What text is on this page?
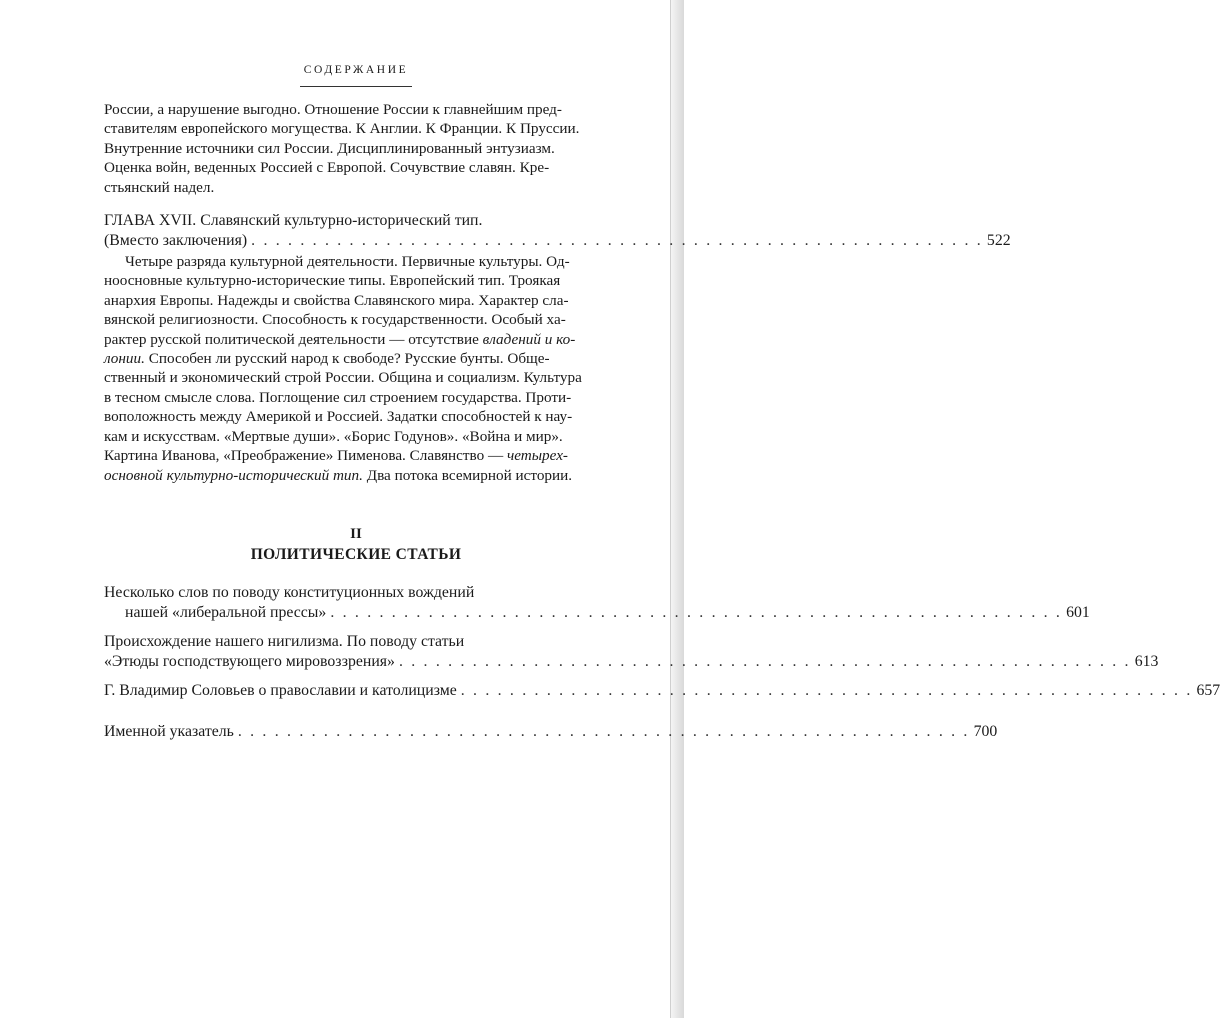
СОДЕРЖАНИЕ
России, а нарушение выгодно. Отношение России к главнейшим пред-
ставителям европейского могущества. К Англии. К Франции. К Пруссии.
Внутренние источники сил России. Дисциплинированный энтузиазм.
Оценка войн, веденных Россией с Европой. Сочувствие славян. Кре-
стьянский надел.
ГЛАВА XVII. Славянский культурно-исторический тип.
(Вместо заключения) . . . . . . . . . . . . . . . . . . . . . . . . . . . . . . . . . . . . . . . . . . . . . . . . . . . . . . . . . . . . 522
Четыре разряда культурной деятельности. Первичные культуры. Од-
нооснoвные культурно-исторические типы. Европейский тип. Троякая
анархия Европы. Надежды и свойства Славянского мира. Характер сла-
вянской религиозности. Способность к государственности. Особый ха-
рактер русской политической деятельности — отсутствие владений и ко-
лонии. Способен ли русский народ к свободе? Русские бунты. Обще-
ственный и экономический строй России. Община и социализм. Культура
в тесном смысле слова. Поглощение сил строением государства. Проти-
воположность между Америкой и Россией. Задатки способностей к нау-
кам и искусствам. «Мертвые души». «Борис Годунов». «Война и мир».
Картина Иванова, «Преображение» Пименова. Славянство — четырех-
основной культурно-исторический тип. Два потока всемирной истории.
II
ПОЛИТИЧЕСКИЕ СТАТЬИ
Несколько слов по поводу конституционных вождений
нашей «либеральной прессы» . . . . . . . . . . . . . . . . . . . . . . . . . . . . . . . . . . . . . . . . . . . . . . . . . . . . . . . . . . . . 601
Происхождение нашего нигилизма. По поводу статьи
«Этюды господствующего мировоззрения» . . . . . . . . . . . . . . . . . . . . . . . . . . . . . . . . . . . . . . . . . . . . . . . . . . . . . . . . . . . . 613
Г. Владимир Соловьев о православии и католицизме . . . . . . . . . . . . . . . . . . . . . . . . . . . . . . . . . . . . . . . . . . . . . . . . . . . . . . . . . . . . 657
Именной указатель . . . . . . . . . . . . . . . . . . . . . . . . . . . . . . . . . . . . . . . . . . . . . . . . . . . . . . . . . . . . 700
